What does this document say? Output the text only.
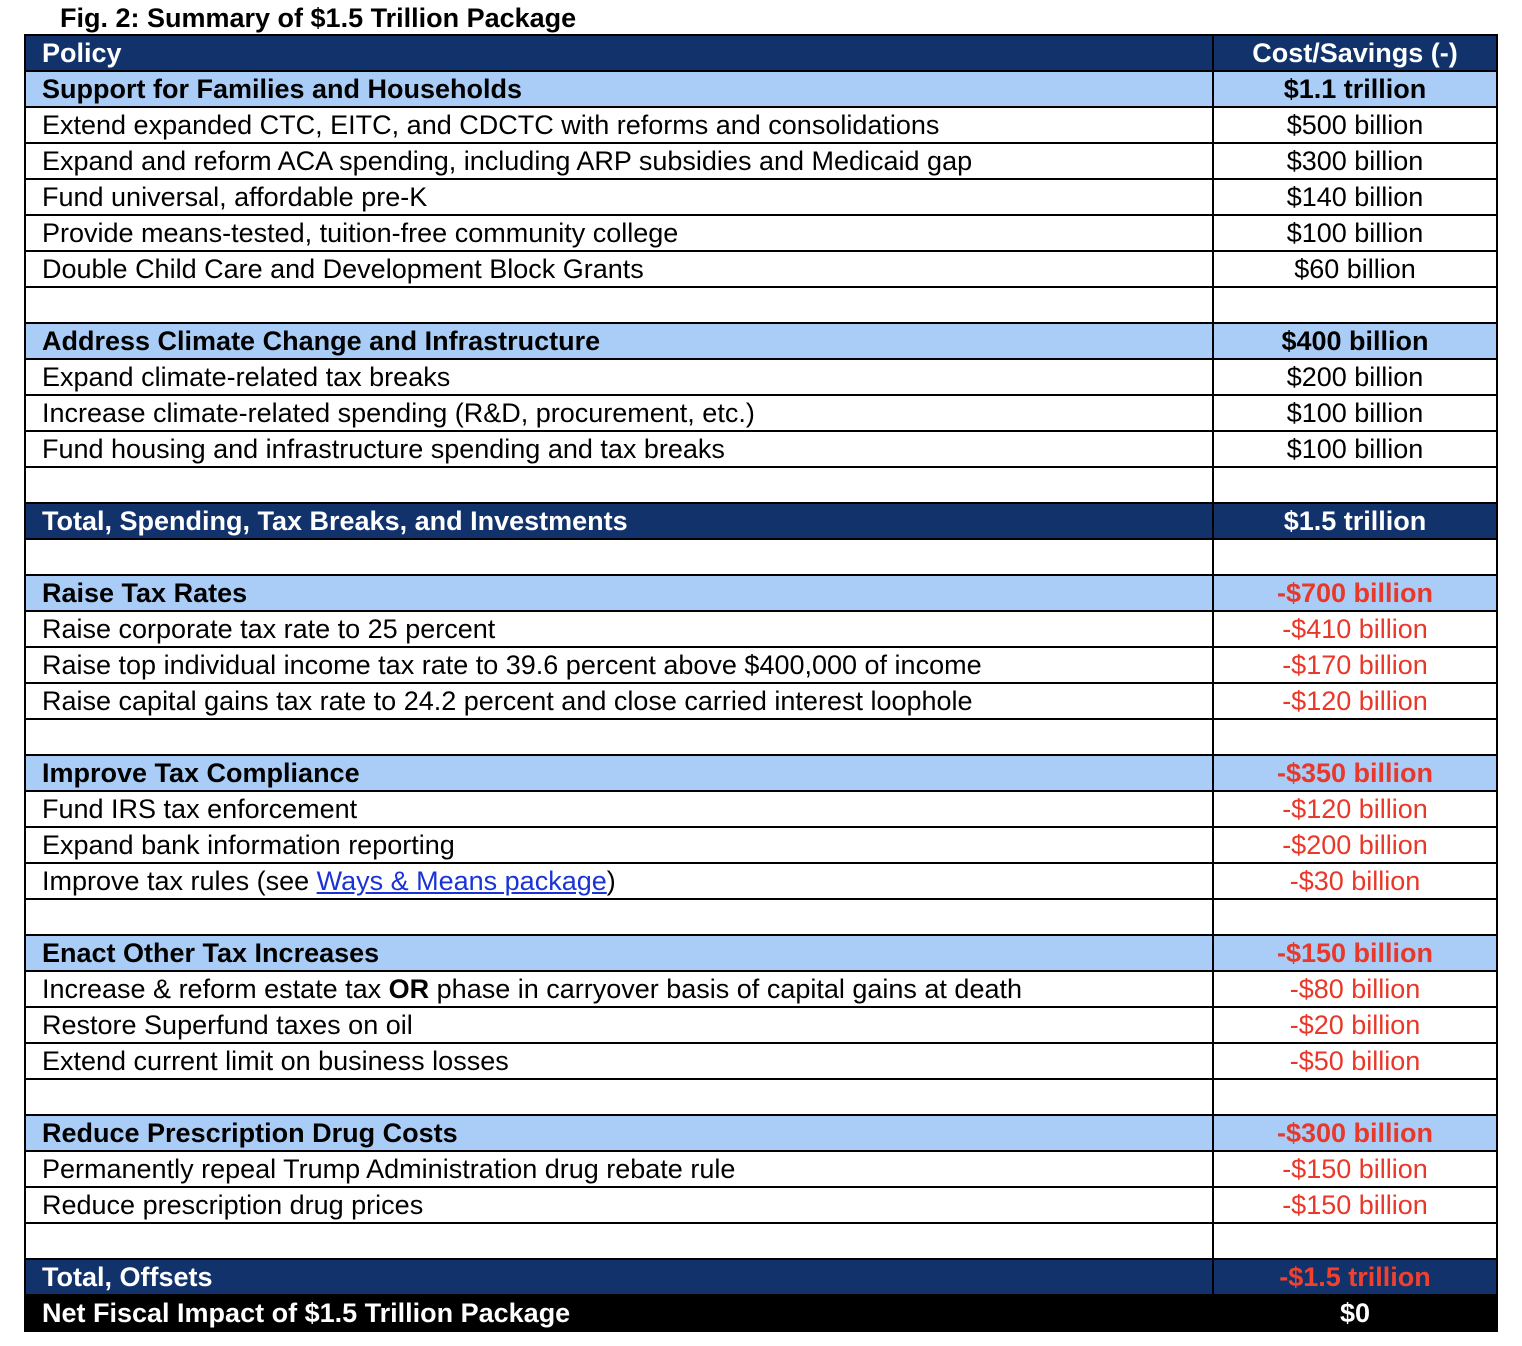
Fig. 2: Summary of $1.5 Trillion Package
Policy	Cost/Savings (-)
Support for Families and Households	$1.1 trillion
Extend expanded CTC, EITC, and CDCTC with reforms and consolidations	$500 billion
Expand and reform ACA spending, including ARP subsidies and Medicaid gap	$300 billion
Fund universal, affordable pre-K	$140 billion
Provide means-tested, tuition-free community college	$100 billion
Double Child Care and Development Block Grants	$60 billion

Address Climate Change and Infrastructure	$400 billion
Expand climate-related tax breaks	$200 billion
Increase climate-related spending (R&D, procurement, etc.)	$100 billion
Fund housing and infrastructure spending and tax breaks	$100 billion

Total, Spending, Tax Breaks, and Investments	$1.5 trillion

Raise Tax Rates	-$700 billion
Raise corporate tax rate to 25 percent	-$410 billion
Raise top individual income tax rate to 39.6 percent above $400,000 of income	-$170 billion
Raise capital gains tax rate to 24.2 percent and close carried interest loophole	-$120 billion

Improve Tax Compliance	-$350 billion
Fund IRS tax enforcement	-$120 billion
Expand bank information reporting	-$200 billion
Improve tax rules (see Ways & Means package)	-$30 billion

Enact Other Tax Increases	-$150 billion
Increase & reform estate tax OR phase in carryover basis of capital gains at death	-$80 billion
Restore Superfund taxes on oil	-$20 billion
Extend current limit on business losses	-$50 billion

Reduce Prescription Drug Costs	-$300 billion
Permanently repeal Trump Administration drug rebate rule	-$150 billion
Reduce prescription drug prices	-$150 billion

Total, Offsets	-$1.5 trillion
Net Fiscal Impact of $1.5 Trillion Package	$0
